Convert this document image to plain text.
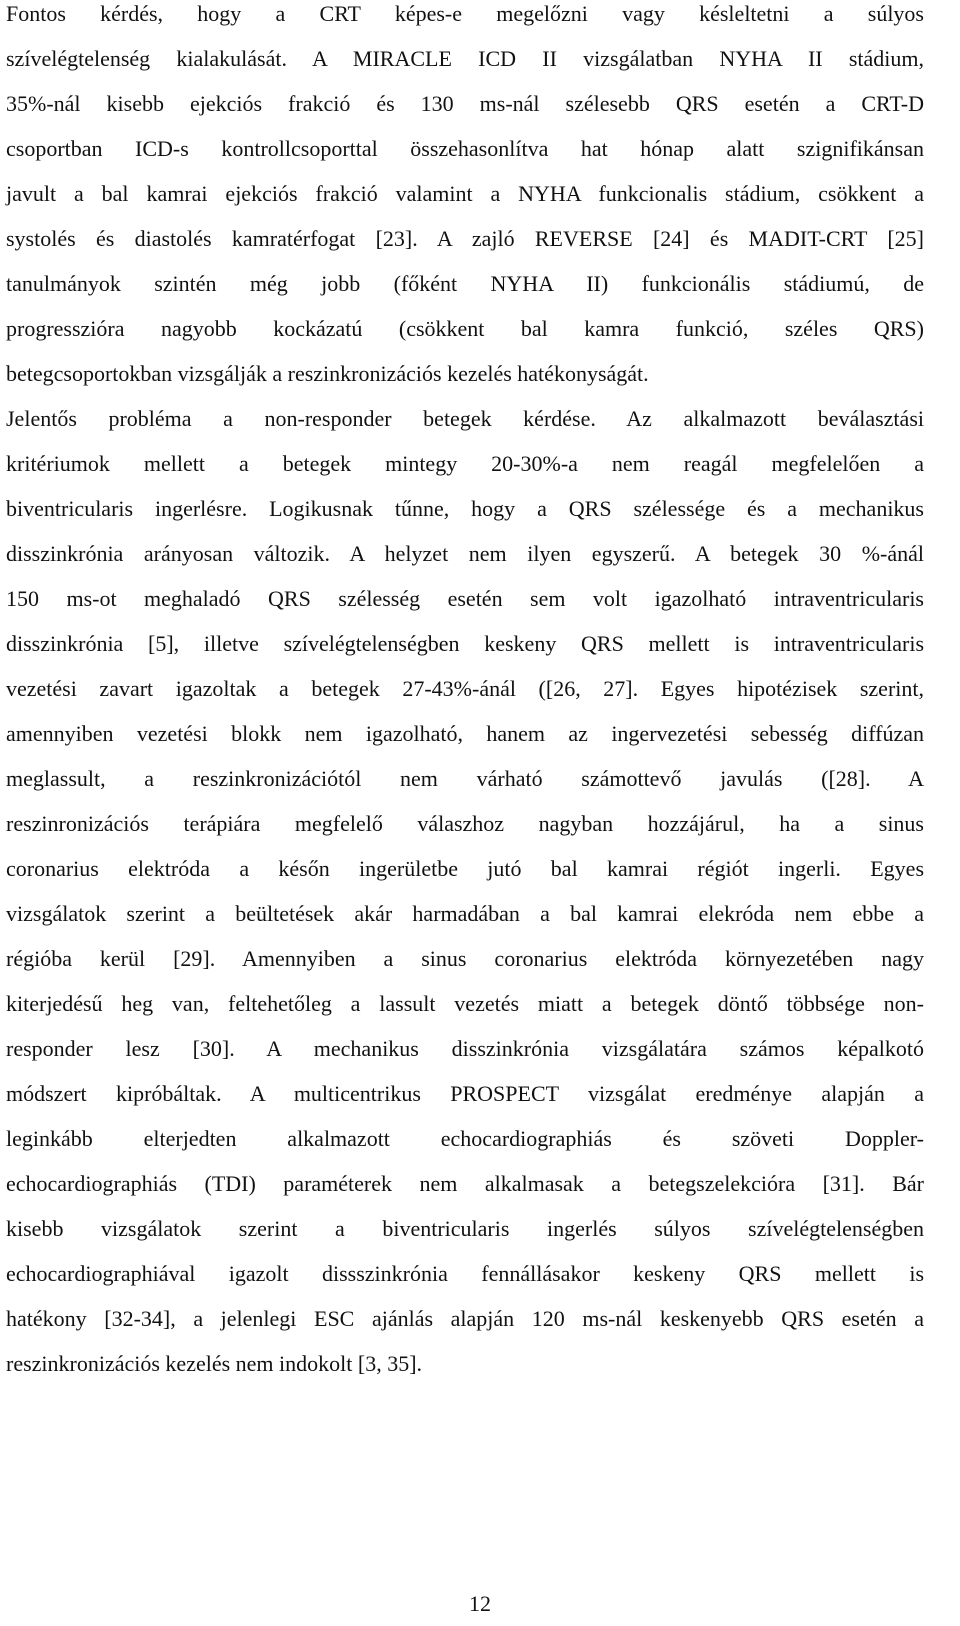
Fontos kérdés, hogy a CRT képes-e megelőzni vagy késleltetni a súlyos
szívelégtelenség kialakulását. A MIRACLE ICD II vizsgálatban NYHA II stádium,
35%-nál kisebb ejekciós frakció és 130 ms-nál szélesebb QRS esetén a CRT-D
csoportban ICD-s kontrollcsoporttal összehasonlítva hat hónap alatt szignifikánsan
javult a bal kamrai ejekciós frakció valamint a NYHA funkcionalis stádium, csökkent a
systolés és diastolés kamratérfogat [23]. A zajló REVERSE [24] és MADIT-CRT [25]
tanulmányok szintén még jobb (főként NYHA II) funkcionális stádiumú, de
progresszióra nagyobb kockázatú (csökkent bal kamra funkció, széles QRS)
betegcsoportokban vizsgálják a reszinkronizációs kezelés hatékonyságát.
Jelentős probléma a non-responder betegek kérdése. Az alkalmazott beválasztási
kritériumok mellett a betegek mintegy 20-30%-a nem reagál megfelelően a
biventricularis ingerlésre. Logikusnak tűnne, hogy a QRS szélessége és a mechanikus
disszinkrónia arányosan változik. A helyzet nem ilyen egyszerű. A betegek 30 %-ánál
150 ms-ot meghaladó QRS szélesség esetén sem volt igazolható intraventricularis
disszinkrónia [5], illetve szívelégtelenségben keskeny QRS mellett is intraventricularis
vezetési zavart igazoltak a betegek 27-43%-ánál ([26, 27]. Egyes hipotézisek szerint,
amennyiben vezetési blokk nem igazolható, hanem az ingervezetési sebesség diffúzan
meglassult, a reszinkronizációtól nem várható számottevő javulás ([28]. A
reszinronizációs terápiára megfelelő válaszhoz nagyban hozzájárul, ha a sinus
coronarius elektróda a későn ingerületbe jutó bal kamrai régiót ingerli. Egyes
vizsgálatok szerint a beültetések akár harmadában a bal kamrai elekróda nem ebbe a
régióba kerül [29]. Amennyiben a sinus coronarius elektróda környezetében nagy
kiterjedésű heg van, feltehetőleg a lassult vezetés miatt a betegek döntő többsége non-
responder lesz [30]. A mechanikus disszinkrónia vizsgálatára számos képalkotó
módszert kipróbáltak. A multicentrikus PROSPECT vizsgálat eredménye alapján a
leginkább elterjedten alkalmazott echocardiographiás és szöveti Doppler-
echocardiographiás (TDI) paraméterek nem alkalmasak a betegszelekcióra [31]. Bár
kisebb vizsgálatok szerint a biventricularis ingerlés súlyos szívelégtelenségben
echocardiographiával igazolt dissszinkrónia fennállásakor keskeny QRS mellett is
hatékony [32-34], a jelenlegi ESC ajánlás alapján 120 ms-nál keskenyebb QRS esetén a
reszinkronizációs kezelés nem indokolt [3, 35].
12
